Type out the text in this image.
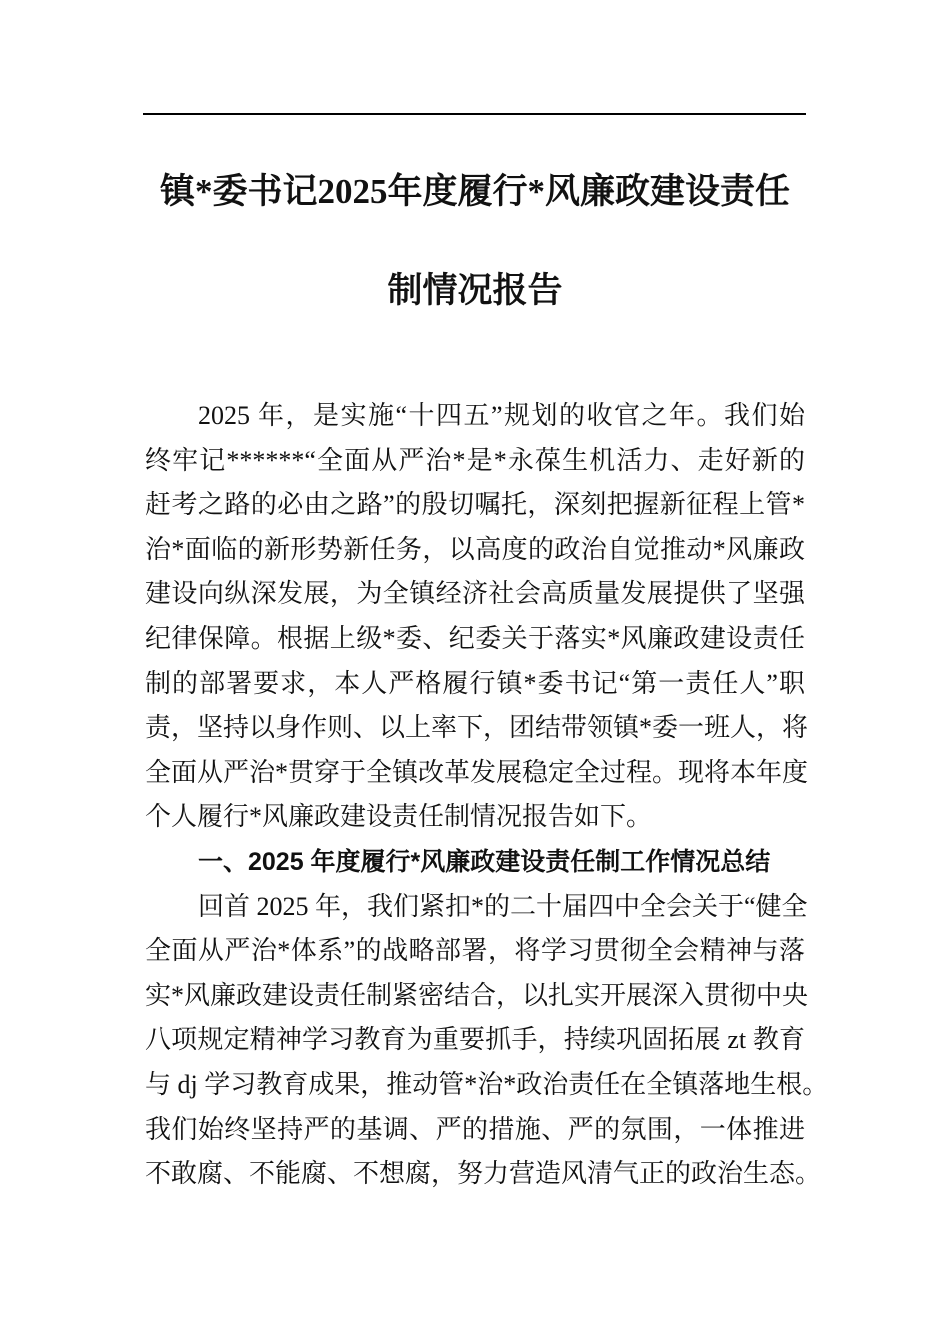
镇*委书记2025年度履行*风廉政建设责任
制情况报告
2025 年，是实施“十四五”规划的收官之年。我们始
终牢记******“全面从严治*是*永葆生机活力、走好新的
赶考之路的必由之路”的殷切嘱托，深刻把握新征程上管*
治*面临的新形势新任务，以高度的政治自觉推动*风廉政
建设向纵深发展，为全镇经济社会高质量发展提供了坚强
纪律保障。根据上级*委、纪委关于落实*风廉政建设责任
制的部署要求，本人严格履行镇*委书记“第一责任人”职
责，坚持以身作则、以上率下，团结带领镇*委一班人，将
全面从严治*贯穿于全镇改革发展稳定全过程。现将本年度
个人履行*风廉政建设责任制情况报告如下。
一、2025 年度履行*风廉政建设责任制工作情况总结
回首 2025 年，我们紧扣*的二十届四中全会关于“健全
全面从严治*体系”的战略部署，将学习贯彻全会精神与落
实*风廉政建设责任制紧密结合，以扎实开展深入贯彻中央
八项规定精神学习教育为重要抓手，持续巩固拓展 zt 教育
与 dj 学习教育成果，推动管*治*政治责任在全镇落地生根。
我们始终坚持严的基调、严的措施、严的氛围，一体推进
不敢腐、不能腐、不想腐，努力营造风清气正的政治生态。
